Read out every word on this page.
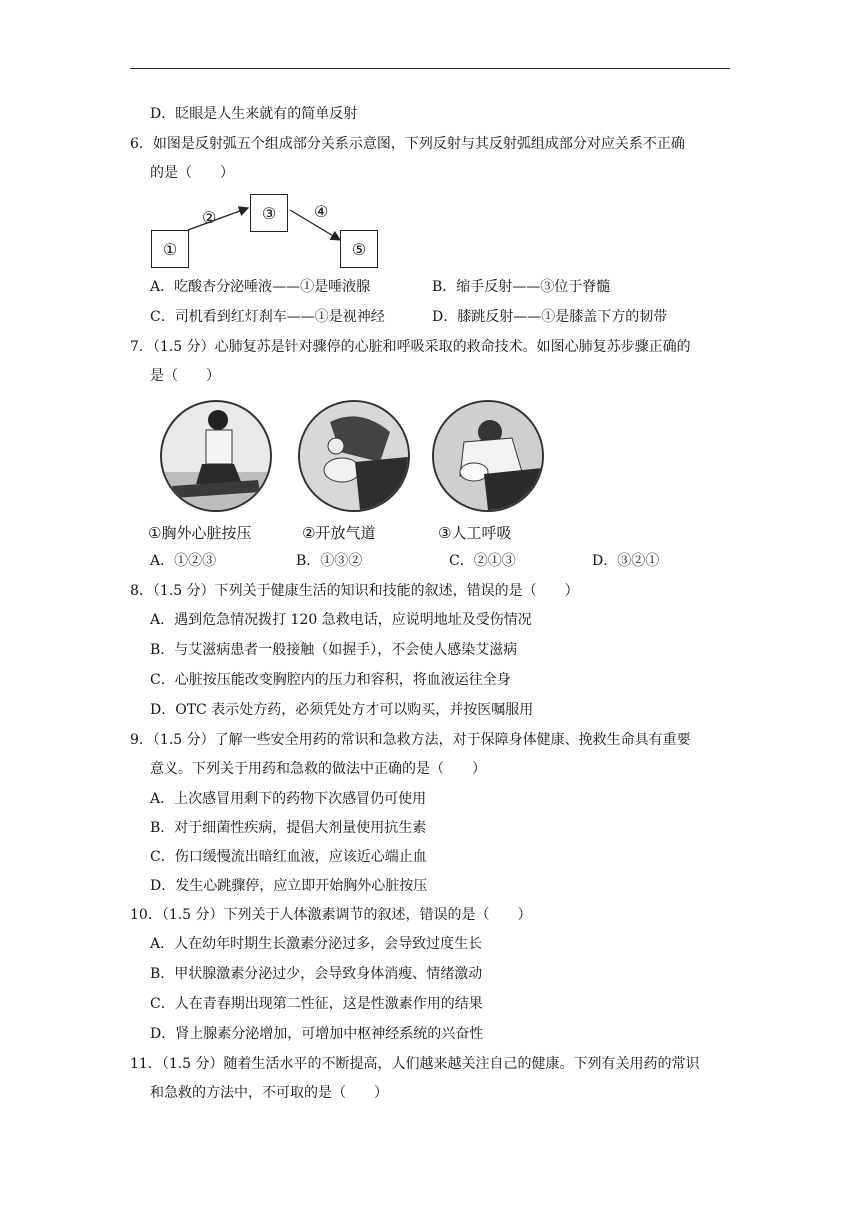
D．眨眼是人生来就有的简单反射
6．如图是反射弧五个组成部分关系示意图，下列反射与其反射弧组成部分对应关系不正确
的是（　　）
①
②	③	④
⑤
A．吃酸杏分泌唾液——①是唾液腺	B．缩手反射——③位于脊髓
C．司机看到红灯刹车——①是视神经	D．膝跳反射——①是膝盖下方的韧带
7．（1.5 分）心肺复苏是针对骤停的心脏和呼吸采取的救命技术。如图心肺复苏步骤正确的
是（　　）
①胸外心脏按压	②开放气道	③人工呼吸
A．①②③	B．①③②	C．②①③	D．③②①
8．（1.5 分）下列关于健康生活的知识和技能的叙述，错误的是（　　）
A．遇到危急情况拨打 120 急救电话，应说明地址及受伤情况
B．与艾滋病患者一般接触（如握手），不会使人感染艾滋病
C．心脏按压能改变胸腔内的压力和容积，将血液运往全身
D．OTC 表示处方药，必须凭处方才可以购买，并按医嘱服用
9．（1.5 分）了解一些安全用药的常识和急救方法，对于保障身体健康、挽救生命具有重要
意义。下列关于用药和急救的做法中正确的是（　　）
A．上次感冒用剩下的药物下次感冒仍可使用
B．对于细菌性疾病，提倡大剂量使用抗生素
C．伤口缓慢流出暗红血液，应该近心端止血
D．发生心跳骤停，应立即开始胸外心脏按压
10．（1.5 分）下列关于人体激素调节的叙述，错误的是（　　）
A．人在幼年时期生长激素分泌过多，会导致过度生长
B．甲状腺激素分泌过少，会导致身体消瘦、情绪激动
C．人在青春期出现第二性征，这是性激素作用的结果
D．肾上腺素分泌增加，可增加中枢神经系统的兴奋性
11．（1.5 分）随着生活水平的不断提高，人们越来越关注自己的健康。下列有关用药的常识
和急救的方法中，不可取的是（　　）
